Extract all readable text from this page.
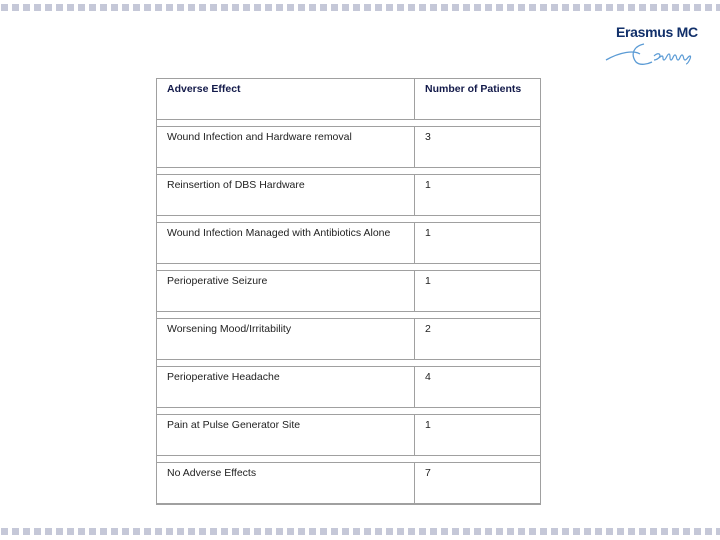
Erasmus MC
Adverse Effect	Number of Patients
Wound Infection and Hardware removal	3
Reinsertion of DBS Hardware	1
Wound Infection Managed with Antibiotics Alone	1
Perioperative Seizure	1
Worsening Mood/Irritability	2
Perioperative Headache	4
Pain at Pulse Generator Site	1
No Adverse Effects	7
